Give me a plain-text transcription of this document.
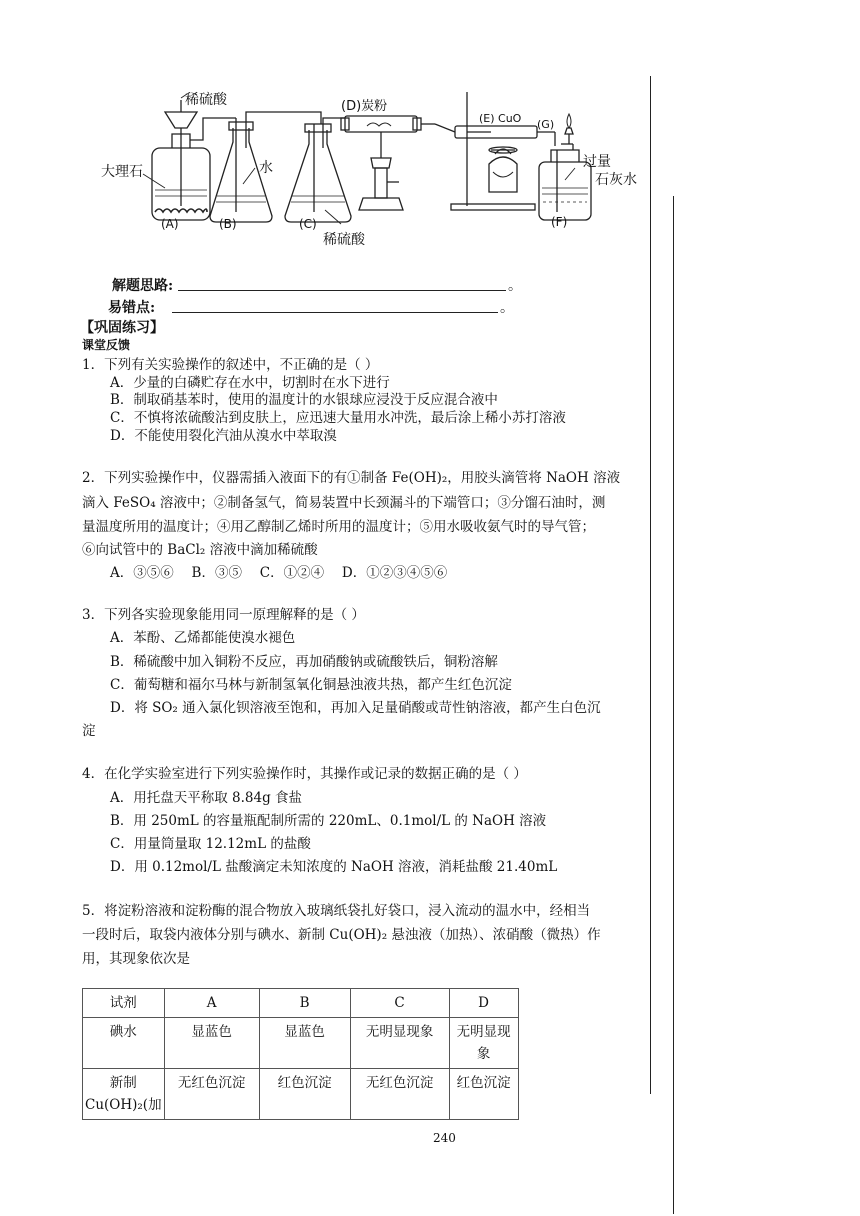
稀硫酸
大理石	水
(D)炭粉
(E) CuO (G)
过量
石灰水
稀硫酸
(A)	(B)	(C)	(F)
解题思路:	。
易错点:	。
【巩固练习】
课堂反馈
1．下列有关实验操作的叙述中，不正确的是（ ）
A．少量的白磷贮存在水中，切割时在水下进行
B．制取硝基苯时，使用的温度计的水银球应浸没于反应混合液中
C．不慎将浓硫酸沾到皮肤上，应迅速大量用水冲洗，最后涂上稀小苏打溶液
D．不能使用裂化汽油从溴水中萃取溴
2．下列实验操作中，仪器需插入液面下的有①制备 Fe(OH)₂，用胶头滴管将 NaOH 溶液
滴入 FeSO₄ 溶液中；②制备氢气，简易装置中长颈漏斗的下端管口；③分馏石油时，测
量温度所用的温度计；④用乙醇制乙烯时所用的温度计；⑤用水吸收氨气时的导气管；
⑥向试管中的 BaCl₂ 溶液中滴加稀硫酸
A．③⑤⑥　 B．③⑤　 C．①②④　 D．①②③④⑤⑥
3．下列各实验现象能用同一原理解释的是（ ）
A．苯酚、乙烯都能使溴水褪色
B．稀硫酸中加入铜粉不反应，再加硝酸钠或硫酸铁后，铜粉溶解
C．葡萄糖和福尔马林与新制氢氧化铜悬浊液共热，都产生红色沉淀
D．将 SO₂ 通入氯化钡溶液至饱和，再加入足量硝酸或苛性钠溶液，都产生白色沉
淀
4．在化学实验室进行下列实验操作时，其操作或记录的数据正确的是（ ）
A．用托盘天平称取 8.84g 食盐
B．用 250mL 的容量瓶配制所需的 220mL、0.1mol/L 的 NaOH 溶液
C．用量筒量取 12.12mL 的盐酸
D．用 0.12mol/L 盐酸滴定未知浓度的 NaOH 溶液，消耗盐酸 21.40mL
5．将淀粉溶液和淀粉酶的混合物放入玻璃纸袋扎好袋口，浸入流动的温水中，经相当
一段时后，取袋内液体分别与碘水、新制 Cu(OH)₂ 悬浊液（加热）、浓硝酸（微热）作
用，其现象依次是
试剂	A	B	C	D
碘水	显蓝色	显蓝色	无明显现象	无明显现
象
新制
Cu(OH)₂(加	无红色沉淀	红色沉淀	无红色沉淀	红色沉淀
240
